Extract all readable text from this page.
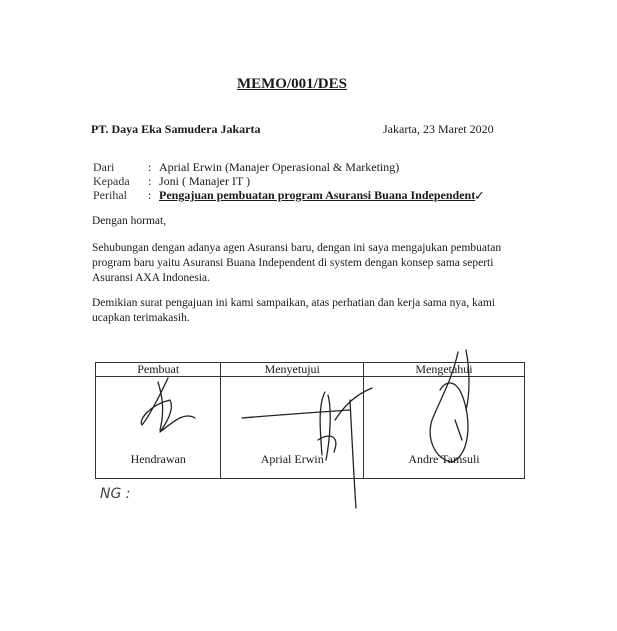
MEMO/001/DES
PT. Daya Eka Samudera Jakarta	Jakarta, 23 Maret 2020
Dari	: Aprial Erwin (Manajer Operasional & Marketing)
Kepada : Joni ( Manajer IT )
Perihal : Pengajuan pembuatan program Asuransi Buana Independent
✓
Dengan hormat,
Sehubungan dengan adanya agen Asuransi baru, dengan ini saya mengajukan pembuatan program baru yaitu Asuransi Buana Independent di system dengan konsep sama seperti Asuransi AXA Indonesia.
Demikian surat pengajuan ini kami sampaikan, atas perhatian dan kerja sama nya, kami ucapkan terimakasih.
Pembuat	Menyetujui	Mengetahui
Hendrawan	Aprial Erwin	Andre Tamsuli
NG :
